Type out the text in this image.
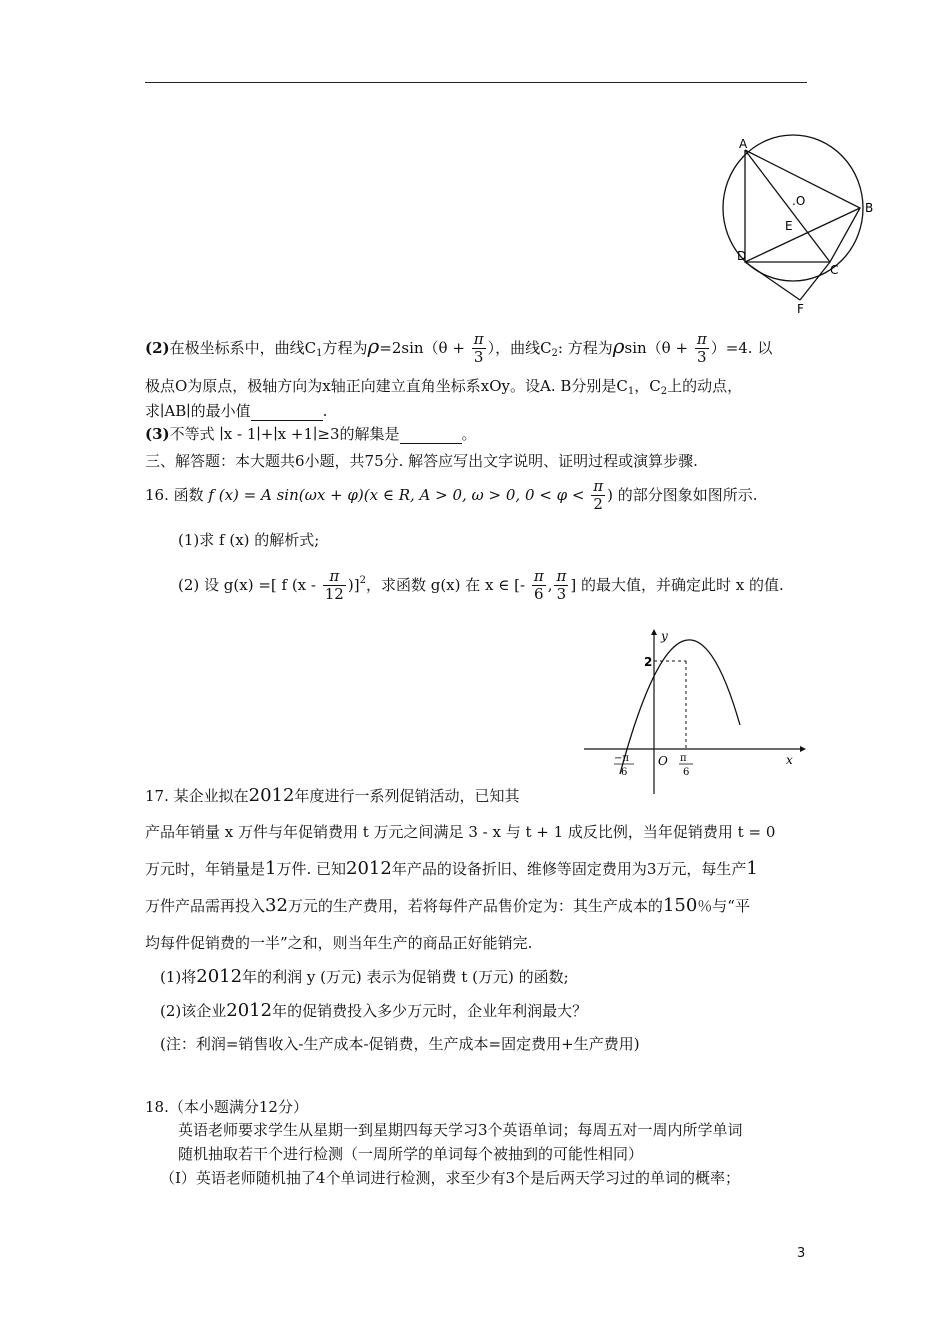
A
B
C
D
E
F
.O
(2)在极坐标系中，曲线$C_1$方程为$\rho=2\sin(\theta + \frac{\pi}{3}$ ），曲线$C_2$: 方程为$\rho\sin(\theta + \frac{\pi}{3} )=4$. 以
极点O为原点，极轴方向为x轴正向建立直角坐标系xOy。设A. B分别是$C_1$，$C_2$上的动点，
求∣AB∣的最小值	.
(3)不等式 ∣x - 1∣+∣x +1∣≥3的解集是	。
三、解答题：本大题共6小题，共75分. 解答应写出文字说明、证明过程或演算步骤.
16. 函数 f (x) = A sin(ωx + φ)(x ∈ R, A > 0, ω > 0, $0 < \varphi < \frac{\pi}{2}$ ) 的部分图象如图所示.
(1)求 f (x) 的解析式;
(2) 设 g(x) =[ f $(x - \frac{\pi}{12} )]^2$，求函数 g(x) 在 x ∈ [- $\frac{\pi}{6}$ , $\frac{\pi}{3}$ ] 的最大值，并确定此时 x 的值.
y
x
O
2
−π
6
π
6
17. 某企业拟在2012年度进行一系列促销活动，已知其
产品年销量 x 万件与年促销费用 t 万元之间满足 3 - x 与 t + 1 成反比例，当年促销费用 t = 0
万元时，年销量是1万件. 已知2012年产品的设备折旧、维修等固定费用为3万元，每生产1
万件产品需再投入32万元的生产费用，若将每件产品售价定为：其生产成本的150％与“平
均每件促销费的一半”之和，则当年生产的商品正好能销完.
(1)将2012年的利润 y (万元) 表示为促销费 t (万元) 的函数;
(2)该企业2012年的促销费投入多少万元时，企业年利润最大？
(注：利润=销售收入-生产成本-促销费，生产成本=固定费用+生产费用)
18.（本小题满分12分）
英语老师要求学生从星期一到星期四每天学习3个英语单词；每周五对一周内所学单词
随机抽取若干个进行检测（一周所学的单词每个被抽到的可能性相同）
（Ⅰ）英语老师随机抽了4个单词进行检测，求至少有3个是后两天学习过的单词的概率；
3
